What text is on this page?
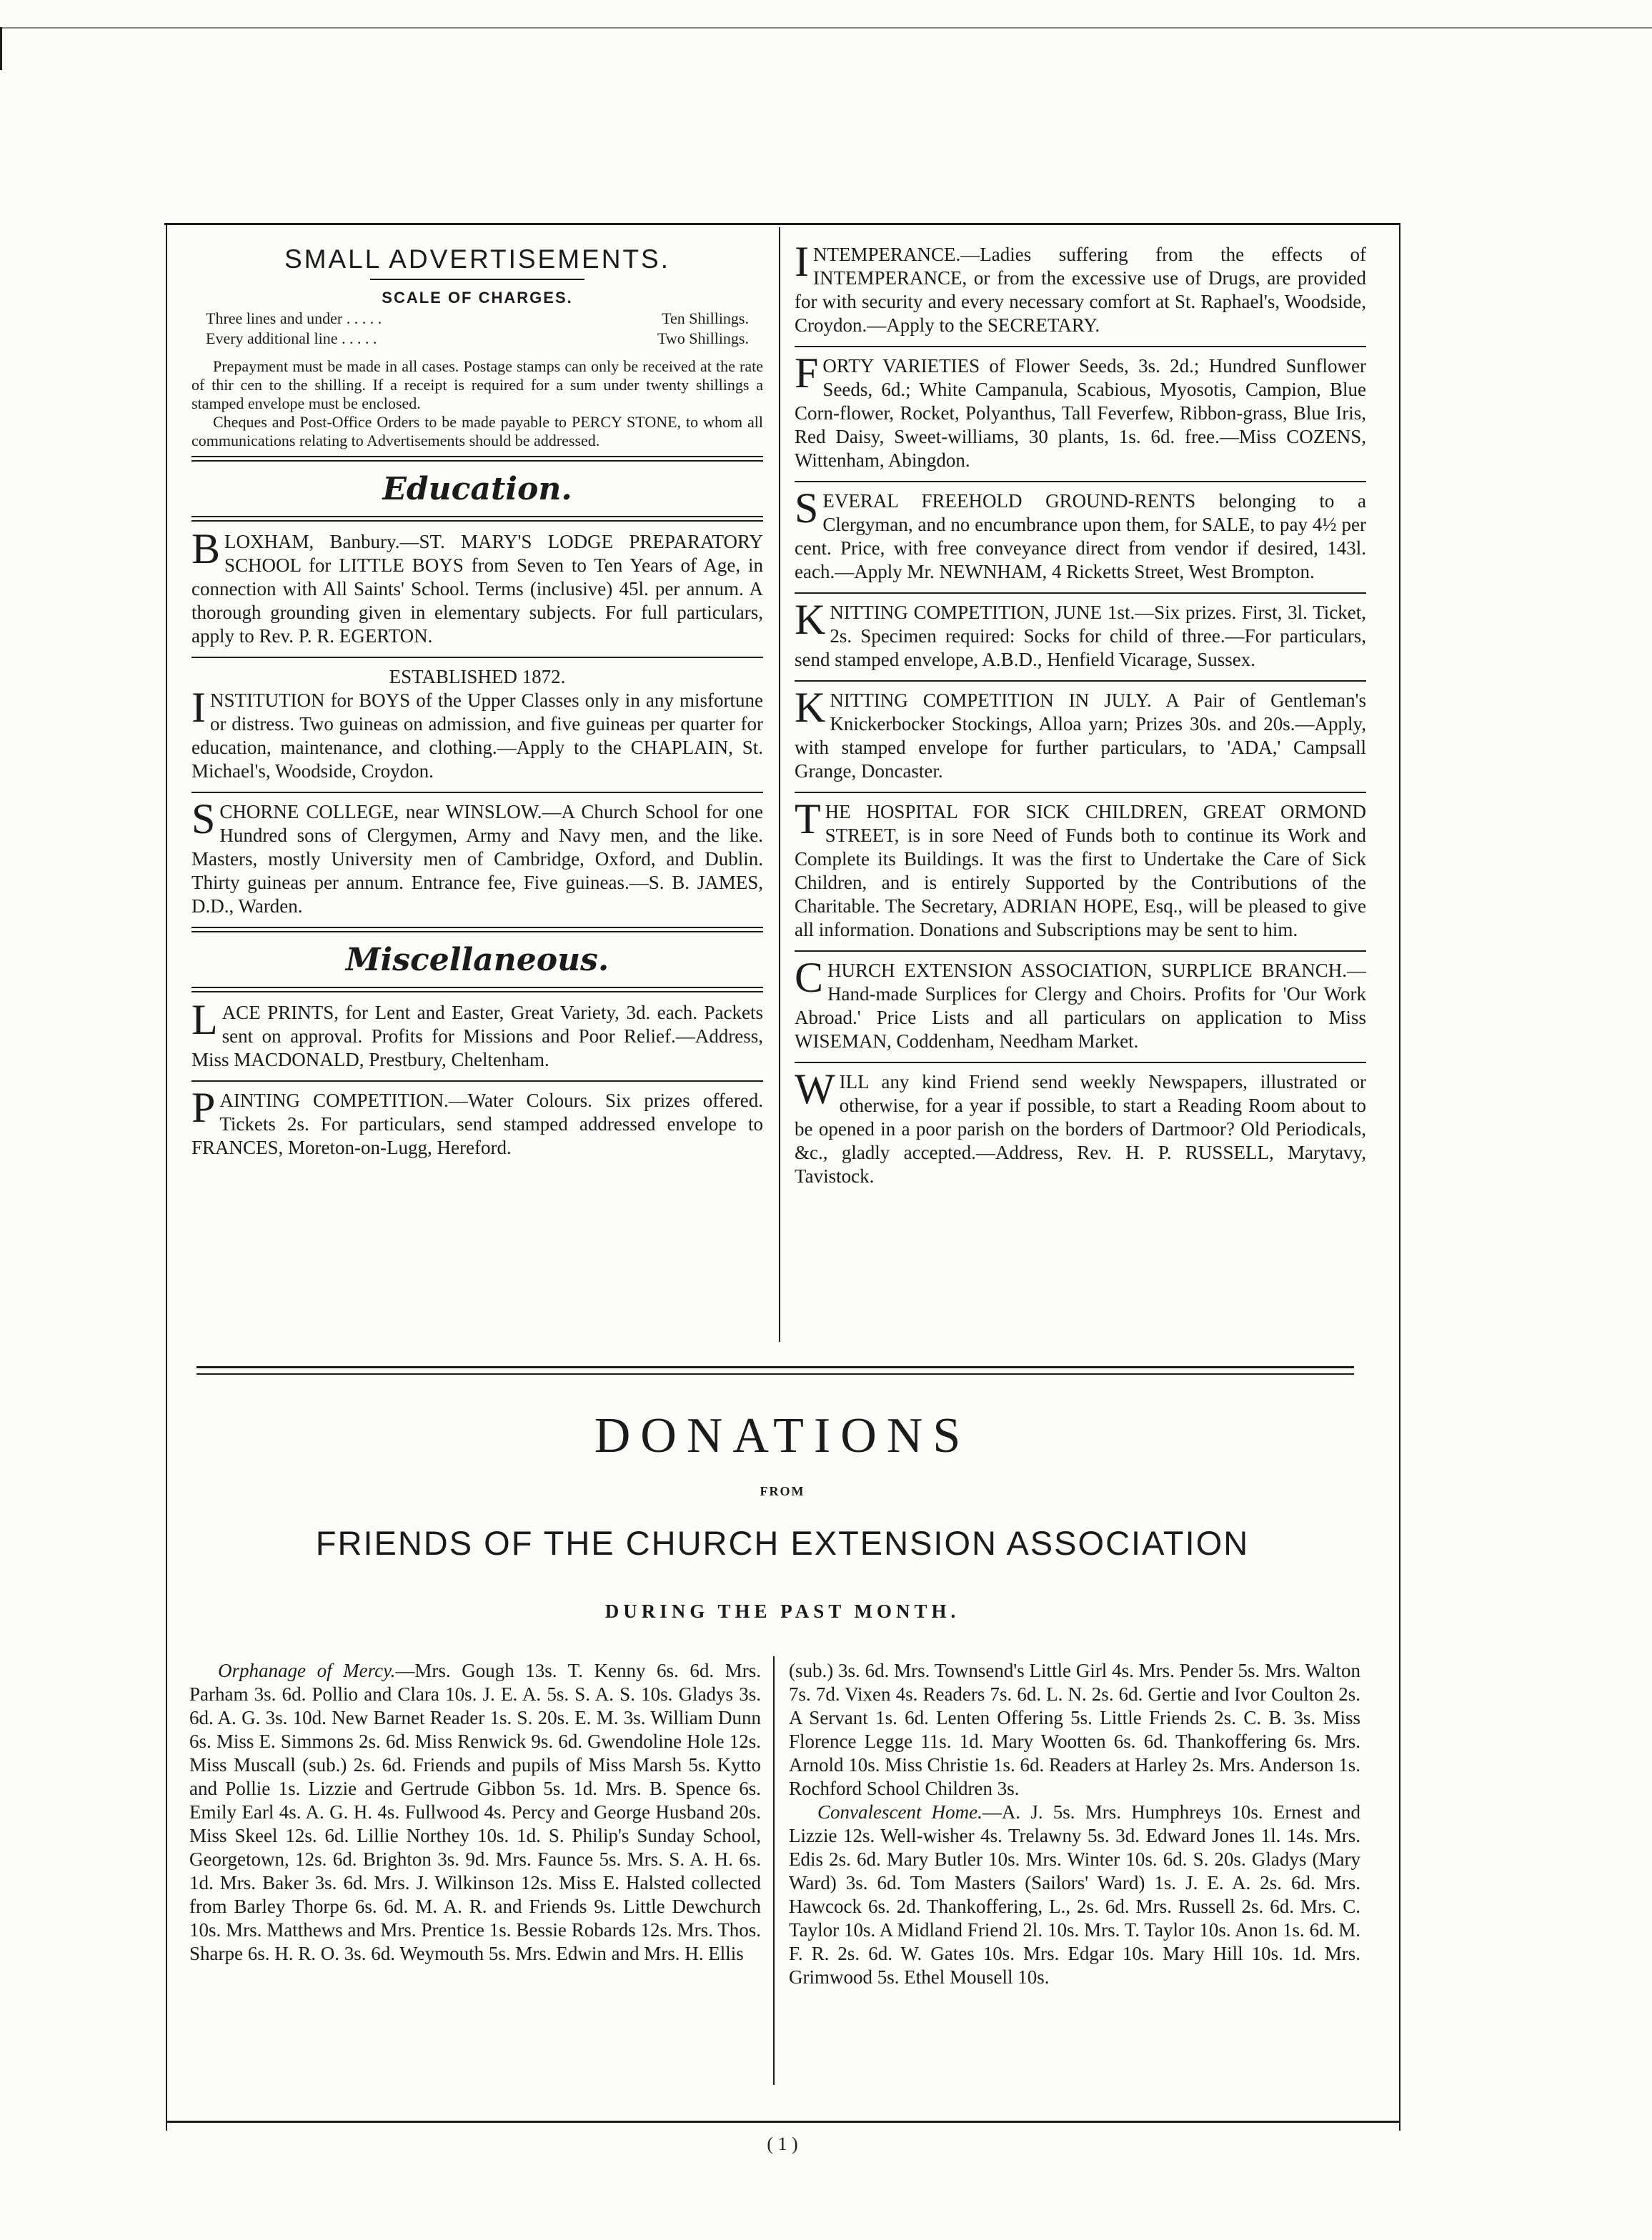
SMALL ADVERTISEMENTS.
SCALE OF CHARGES.
Three lines and under . . . . .	Ten Shillings.
Every additional line . . . . .	Two Shillings.
Prepayment must be made in all cases. Postage stamps can only be received at the rate of thir cen to the shilling. If a receipt is required for a sum under twenty shillings a stamped envelope must be enclosed.
Cheques and Post-Office Orders to be made payable to PERCY STONE, to whom all communications relating to Advertisements should be addressed.
Education.
BLOXHAM, Banbury.—ST. MARY'S LODGE PREPARATORY SCHOOL for LITTLE BOYS from Seven to Ten Years of Age, in connection with All Saints' School. Terms (inclusive) 45l. per annum. A thorough grounding given in elementary subjects. For full particulars, apply to Rev. P. R. EGERTON.
ESTABLISHED 1872.
INSTITUTION for BOYS of the Upper Classes only in any misfortune or distress. Two guineas on admission, and five guineas per quarter for education, maintenance, and clothing.—Apply to the CHAPLAIN, St. Michael's, Woodside, Croydon.
SCHORNE COLLEGE, near WINSLOW.—A Church School for one Hundred sons of Clergymen, Army and Navy men, and the like. Masters, mostly University men of Cambridge, Oxford, and Dublin. Thirty guineas per annum. Entrance fee, Five guineas.—S. B. JAMES, D.D., Warden.
Miscellaneous.
LACE PRINTS, for Lent and Easter, Great Variety, 3d. each. Packets sent on approval. Profits for Missions and Poor Relief.—Address, Miss MACDONALD, Prestbury, Cheltenham.
PAINTING COMPETITION.—Water Colours. Six prizes offered. Tickets 2s. For particulars, send stamped addressed envelope to FRANCES, Moreton-on-Lugg, Hereford.
INTEMPERANCE.—Ladies suffering from the effects of INTEMPERANCE, or from the excessive use of Drugs, are provided for with security and every necessary comfort at St. Raphael's, Woodside, Croydon.—Apply to the SECRETARY.
FORTY VARIETIES of Flower Seeds, 3s. 2d.; Hundred Sunflower Seeds, 6d.; White Campanula, Scabious, Myosotis, Campion, Blue Corn-flower, Rocket, Polyanthus, Tall Feverfew, Ribbon-grass, Blue Iris, Red Daisy, Sweet-williams, 30 plants, 1s. 6d. free.—Miss COZENS, Wittenham, Abingdon.
SEVERAL FREEHOLD GROUND-RENTS belonging to a Clergyman, and no encumbrance upon them, for SALE, to pay 4½ per cent. Price, with free conveyance direct from vendor if desired, 143l. each.—Apply Mr. NEWNHAM, 4 Ricketts Street, West Brompton.
KNITTING COMPETITION, JUNE 1st.—Six prizes. First, 3l. Ticket, 2s. Specimen required: Socks for child of three.—For particulars, send stamped envelope, A.B.D., Henfield Vicarage, Sussex.
KNITTING COMPETITION IN JULY. A Pair of Gentleman's Knickerbocker Stockings, Alloa yarn; Prizes 30s. and 20s.—Apply, with stamped envelope for further particulars, to 'ADA,' Campsall Grange, Doncaster.
THE HOSPITAL FOR SICK CHILDREN, GREAT ORMOND STREET, is in sore Need of Funds both to continue its Work and Complete its Buildings. It was the first to Undertake the Care of Sick Children, and is entirely Supported by the Contributions of the Charitable. The Secretary, ADRIAN HOPE, Esq., will be pleased to give all information. Donations and Subscriptions may be sent to him.
CHURCH EXTENSION ASSOCIATION, SURPLICE BRANCH.—Hand-made Surplices for Clergy and Choirs. Profits for 'Our Work Abroad.' Price Lists and all particulars on application to Miss WISEMAN, Coddenham, Needham Market.
WILL any kind Friend send weekly Newspapers, illustrated or otherwise, for a year if possible, to start a Reading Room about to be opened in a poor parish on the borders of Dartmoor? Old Periodicals, &c., gladly accepted.—Address, Rev. H. P. RUSSELL, Marytavy, Tavistock.
DONATIONS
FROM
FRIENDS OF THE CHURCH EXTENSION ASSOCIATION
DURING THE PAST MONTH.
Orphanage of Mercy.—Mrs. Gough 13s. T. Kenny 6s. 6d. Mrs. Parham 3s. 6d. Pollio and Clara 10s. J. E. A. 5s. S. A. S. 10s. Gladys 3s. 6d. A. G. 3s. 10d. New Barnet Reader 1s. S. 20s. E. M. 3s. William Dunn 6s. Miss E. Simmons 2s. 6d. Miss Renwick 9s. 6d. Gwendoline Hole 12s. Miss Muscall (sub.) 2s. 6d. Friends and pupils of Miss Marsh 5s. Kytto and Pollie 1s. Lizzie and Gertrude Gibbon 5s. 1d. Mrs. B. Spence 6s. Emily Earl 4s. A. G. H. 4s. Fullwood 4s. Percy and George Husband 20s. Miss Skeel 12s. 6d. Lillie Northey 10s. 1d. S. Philip's Sunday School, Georgetown, 12s. 6d. Brighton 3s. 9d. Mrs. Faunce 5s. Mrs. S. A. H. 6s. 1d. Mrs. Baker 3s. 6d. Mrs. J. Wilkinson 12s. Miss E. Halsted collected from Barley Thorpe 6s. 6d. M. A. R. and Friends 9s. Little Dewchurch 10s. Mrs. Matthews and Mrs. Prentice 1s. Bessie Robards 12s. Mrs. Thos. Sharpe 6s. H. R. O. 3s. 6d. Weymouth 5s. Mrs. Edwin and Mrs. H. Ellis
(sub.) 3s. 6d. Mrs. Townsend's Little Girl 4s. Mrs. Pender 5s. Mrs. Walton 7s. 7d. Vixen 4s. Readers 7s. 6d. L. N. 2s. 6d. Gertie and Ivor Coulton 2s. A Servant 1s. 6d. Lenten Offering 5s. Little Friends 2s. C. B. 3s. Miss Florence Legge 11s. 1d. Mary Wootten 6s. 6d. Thankoffering 6s. Mrs. Arnold 10s. Miss Christie 1s. 6d. Readers at Harley 2s. Mrs. Anderson 1s. Rochford School Children 3s.
Convalescent Home.—A. J. 5s. Mrs. Humphreys 10s. Ernest and Lizzie 12s. Well-wisher 4s. Trelawny 5s. 3d. Edward Jones 1l. 14s. Mrs. Edis 2s. 6d. Mary Butler 10s. Mrs. Winter 10s. 6d. S. 20s. Gladys (Mary Ward) 3s. 6d. Tom Masters (Sailors' Ward) 1s. J. E. A. 2s. 6d. Mrs. Hawcock 6s. 2d. Thankoffering, L., 2s. 6d. Mrs. Russell 2s. 6d. Mrs. C. Taylor 10s. A Midland Friend 2l. 10s. Mrs. T. Taylor 10s. Anon 1s. 6d. M. F. R. 2s. 6d. W. Gates 10s. Mrs. Edgar 10s. Mary Hill 10s. 1d. Mrs. Grimwood 5s. Ethel Mousell 10s.
( 1 )
